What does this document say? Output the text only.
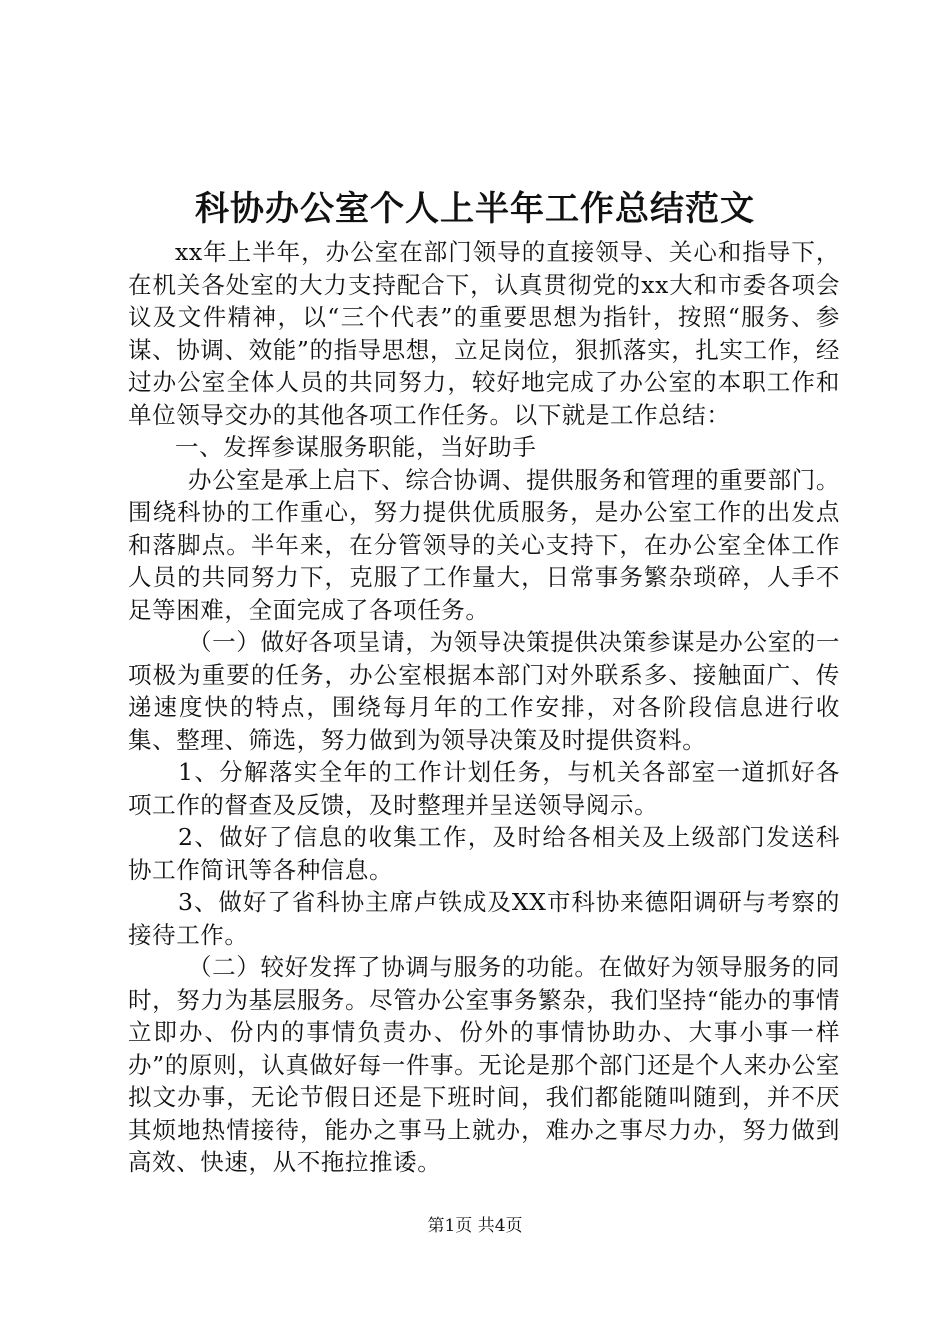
科协办公室个人上半年工作总结范文

xx年上半年，办公室在部门领导的直接领导、关心和指导下，在机关各处室的大力支持配合下，认真贯彻党的xx大和市委各项会议及文件精神，以“三个代表”的重要思想为指针，按照“服务、参谋、协调、效能”的指导思想，立足岗位，狠抓落实，扎实工作，经过办公室全体人员的共同努力，较好地完成了办公室的本职工作和单位领导交办的其他各项工作任务。以下就是工作总结：

一、发挥参谋服务职能，当好助手

办公室是承上启下、综合协调、提供服务和管理的重要部门。围绕科协的工作重心，努力提供优质服务，是办公室工作的出发点和落脚点。半年来，在分管领导的关心支持下，在办公室全体工作人员的共同努力下，克服了工作量大，日常事务繁杂琐碎，人手不足等困难，全面完成了各项任务。

（一）做好各项呈请，为领导决策提供决策参谋是办公室的一项极为重要的任务，办公室根据本部门对外联系多、接触面广、传递速度快的特点，围绕每月年的工作安排，对各阶段信息进行收集、整理、筛选，努力做到为领导决策及时提供资料。

1、分解落实全年的工作计划任务，与机关各部室一道抓好各项工作的督查及反馈，及时整理并呈送领导阅示。

2、做好了信息的收集工作，及时给各相关及上级部门发送科协工作简讯等各种信息。

3、做好了省科协主席卢铁成及XX市科协来德阳调研与考察的接待工作。

（二）较好发挥了协调与服务的功能。在做好为领导服务的同时，努力为基层服务。尽管办公室事务繁杂，我们坚持“能办的事情立即办、份内的事情负责办、份外的事情协助办、大事小事一样办”的原则，认真做好每一件事。无论是那个部门还是个人来办公室拟文办事，无论节假日还是下班时间，我们都能随叫随到，并不厌其烦地热情接待，能办之事马上就办，难办之事尽力办，努力做到高效、快速，从不拖拉推诿。

第1页 共4页
